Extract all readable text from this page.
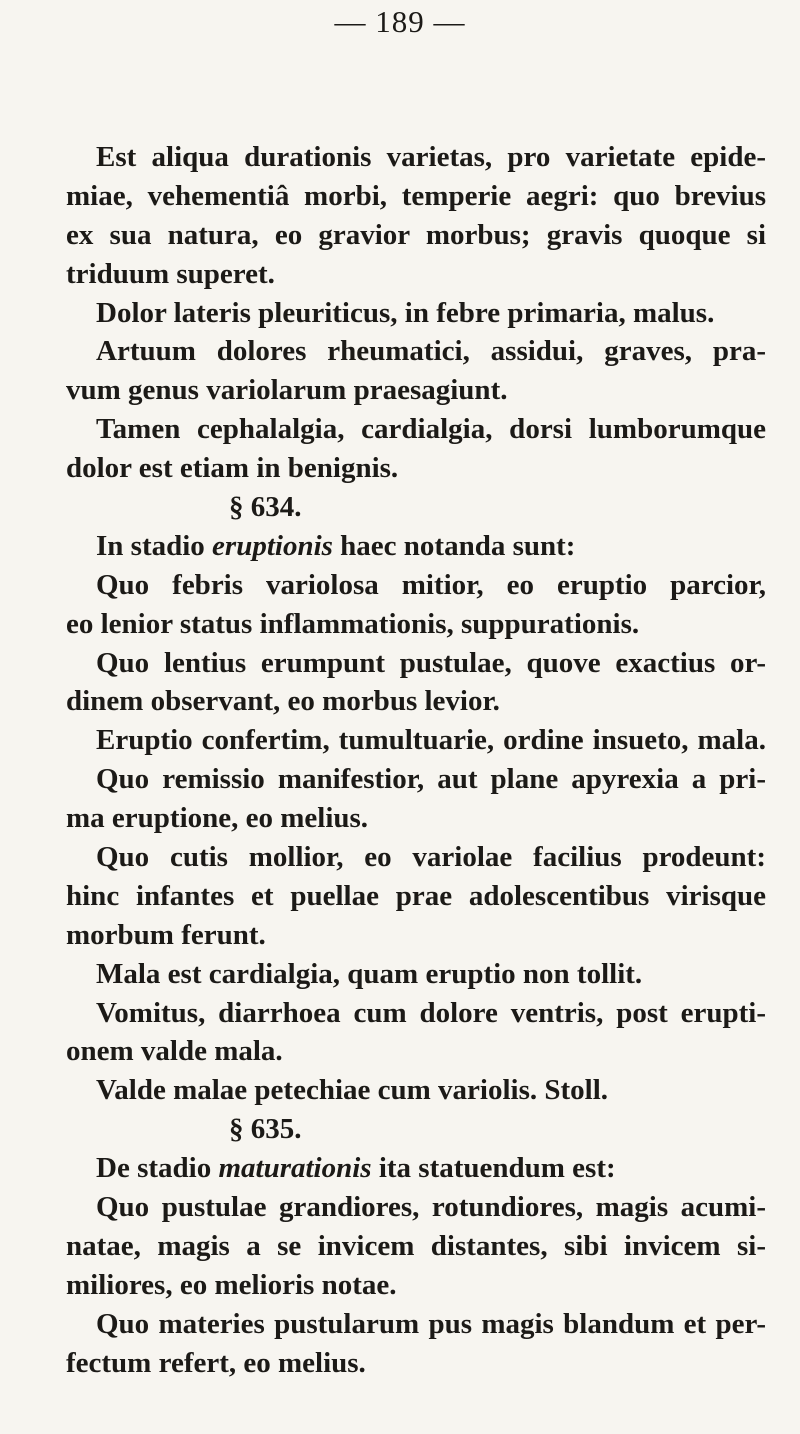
— 189 —
Est aliqua durationis varietas, pro varietate epide-
miae, vehementiâ morbi, temperie aegri: quo brevius
ex sua natura, eo gravior morbus; gravis quoque si
triduum superet.
Dolor lateris pleuriticus, in febre primaria, malus.
Artuum dolores rheumatici, assidui, graves, pra-
vum genus variolarum praesagiunt.
Tamen cephalalgia, cardialgia, dorsi lumborumque
dolor est etiam in benignis.
§ 634.
In stadio eruptionis haec notanda sunt:
Quo febris variolosa mitior, eo eruptio parcior,
eo lenior status inflammationis, suppurationis.
Quo lentius erumpunt pustulae, quove exactius or-
dinem observant, eo morbus levior.
Eruptio confertim, tumultuarie, ordine insueto, mala.
Quo remissio manifestior, aut plane apyrexia a pri-
ma eruptione, eo melius.
Quo cutis mollior, eo variolae facilius prodeunt:
hinc infantes et puellae prae adolescentibus virisque
morbum ferunt.
Mala est cardialgia, quam eruptio non tollit.
Vomitus, diarrhoea cum dolore ventris, post erupti-
onem valde mala.
Valde malae petechiae cum variolis. Stoll.
§ 635.
De stadio maturationis ita statuendum est:
Quo pustulae grandiores, rotundiores, magis acumi-
natae, magis a se invicem distantes, sibi invicem si-
miliores, eo melioris notae.
Quo materies pustularum pus magis blandum et per-
fectum refert, eo melius.
